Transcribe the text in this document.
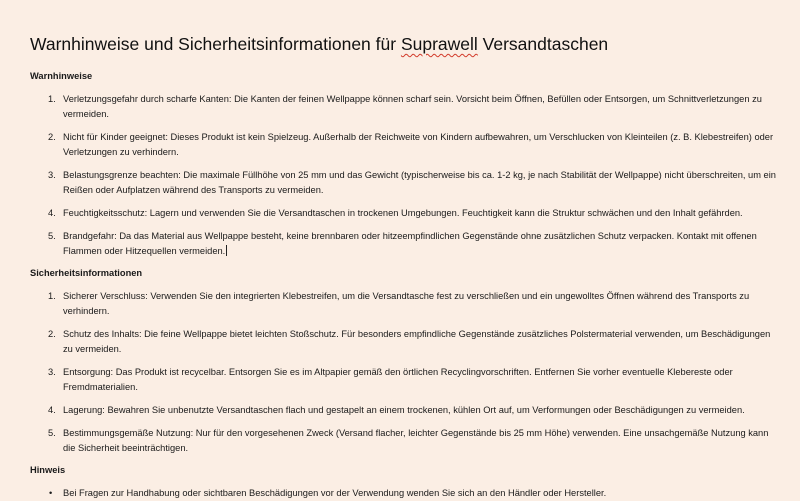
Warnhinweise und Sicherheitsinformationen für Suprawell Versandtaschen
Warnhinweise
1. Verletzungsgefahr durch scharfe Kanten: Die Kanten der feinen Wellpappe können scharf sein. Vorsicht beim Öffnen, Befüllen oder Entsorgen, um Schnittverletzungen zu vermeiden.
2. Nicht für Kinder geeignet: Dieses Produkt ist kein Spielzeug. Außerhalb der Reichweite von Kindern aufbewahren, um Verschlucken von Kleinteilen (z. B. Klebestreifen) oder Verletzungen zu verhindern.
3. Belastungsgrenze beachten: Die maximale Füllhöhe von 25 mm und das Gewicht (typischerweise bis ca. 1-2 kg, je nach Stabilität der Wellpappe) nicht überschreiten, um ein Reißen oder Aufplatzen während des Transports zu vermeiden.
4. Feuchtigkeitsschutz: Lagern und verwenden Sie die Versandtaschen in trockenen Umgebungen. Feuchtigkeit kann die Struktur schwächen und den Inhalt gefährden.
5. Brandgefahr: Da das Material aus Wellpappe besteht, keine brennbaren oder hitzeempfindlichen Gegenstände ohne zusätzlichen Schutz verpacken. Kontakt mit offenen Flammen oder Hitzequellen vermeiden.
Sicherheitsinformationen
1. Sicherer Verschluss: Verwenden Sie den integrierten Klebestreifen, um die Versandtasche fest zu verschließen und ein ungewolltes Öffnen während des Transports zu verhindern.
2. Schutz des Inhalts: Die feine Wellpappe bietet leichten Stoßschutz. Für besonders empfindliche Gegenstände zusätzliches Polstermaterial verwenden, um Beschädigungen zu vermeiden.
3. Entsorgung: Das Produkt ist recycelbar. Entsorgen Sie es im Altpapier gemäß den örtlichen Recyclingvorschriften. Entfernen Sie vorher eventuelle Klebereste oder Fremdmaterialien.
4. Lagerung: Bewahren Sie unbenutzte Versandtaschen flach und gestapelt an einem trockenen, kühlen Ort auf, um Verformungen oder Beschädigungen zu vermeiden.
5. Bestimmungsgemäße Nutzung: Nur für den vorgesehenen Zweck (Versand flacher, leichter Gegenstände bis 25 mm Höhe) verwenden. Eine unsachgemäße Nutzung kann die Sicherheit beeinträchtigen.
Hinweis
• Bei Fragen zur Handhabung oder sichtbaren Beschädigungen vor der Verwendung wenden Sie sich an den Händler oder Hersteller.
